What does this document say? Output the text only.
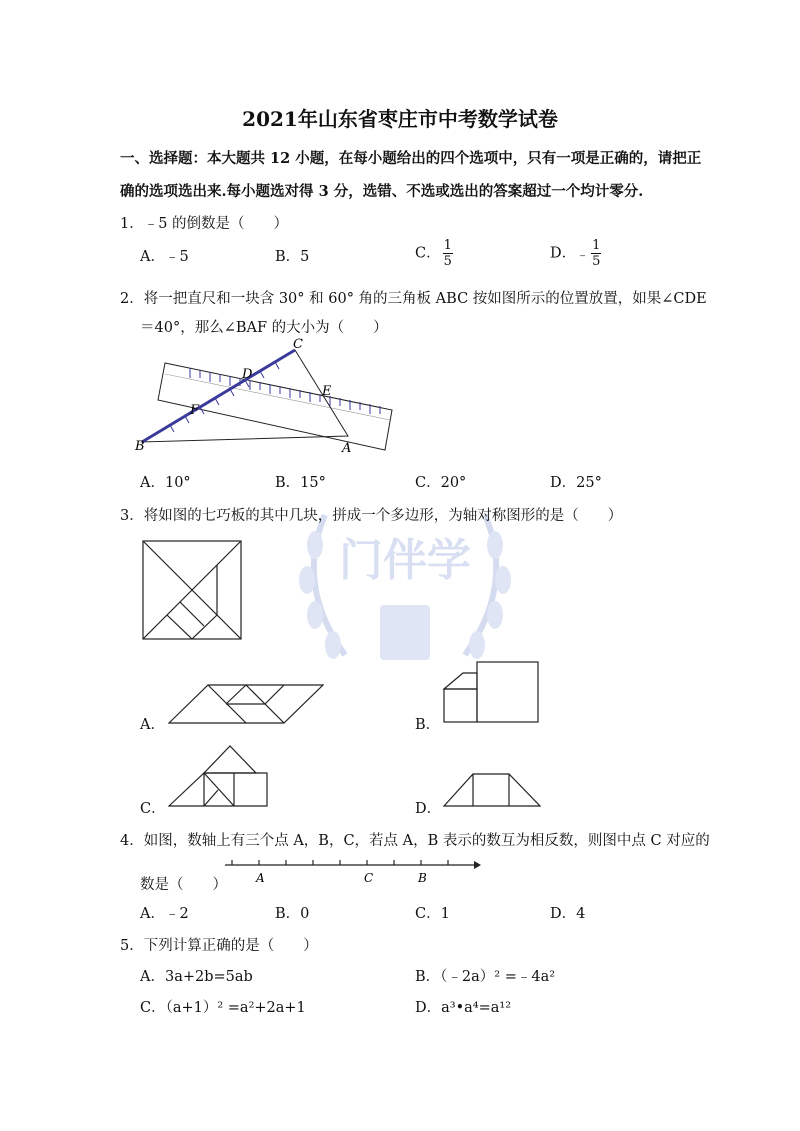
2021年山东省枣庄市中考数学试卷
一、选择题：本大题共 12 小题，在每小题给出的四个选项中，只有一项是正确的，请把正
确的选项选出来.每小题选对得 3 分，选错、不选或选出的答案超过一个均计零分.
门伴学
1．﹣5 的倒数是（　　）
A．﹣5	B．5	C． $\frac{1}{5}$	D．﹣ $\frac{1}{5}$
2．将一把直尺和一块含 30° 和 60° 角的三角板 ABC 按如图所示的位置放置，如果∠CDE
＝40°，那么∠BAF 的大小为（　　）
C
D
E
F
B	A
A．10°	B．15°	C．20°	D．25°
3．将如图的七巧板的其中几块，拼成一个多边形，为轴对称图形的是（　　）
A．	B．
C．	D．
4．如图，数轴上有三个点 A，B，C，若点 A，B 表示的数互为相反数，则图中点 C 对应的
A	C	B
数是（　　）
A．﹣2	B．0	C．1	D．4
5．下列计算正确的是（　　）
A．3a+2b=5ab	B．（﹣2a）² =﹣4a²
C．（a+1）² =a²+2a+1	D．a³•a⁴=a¹²
